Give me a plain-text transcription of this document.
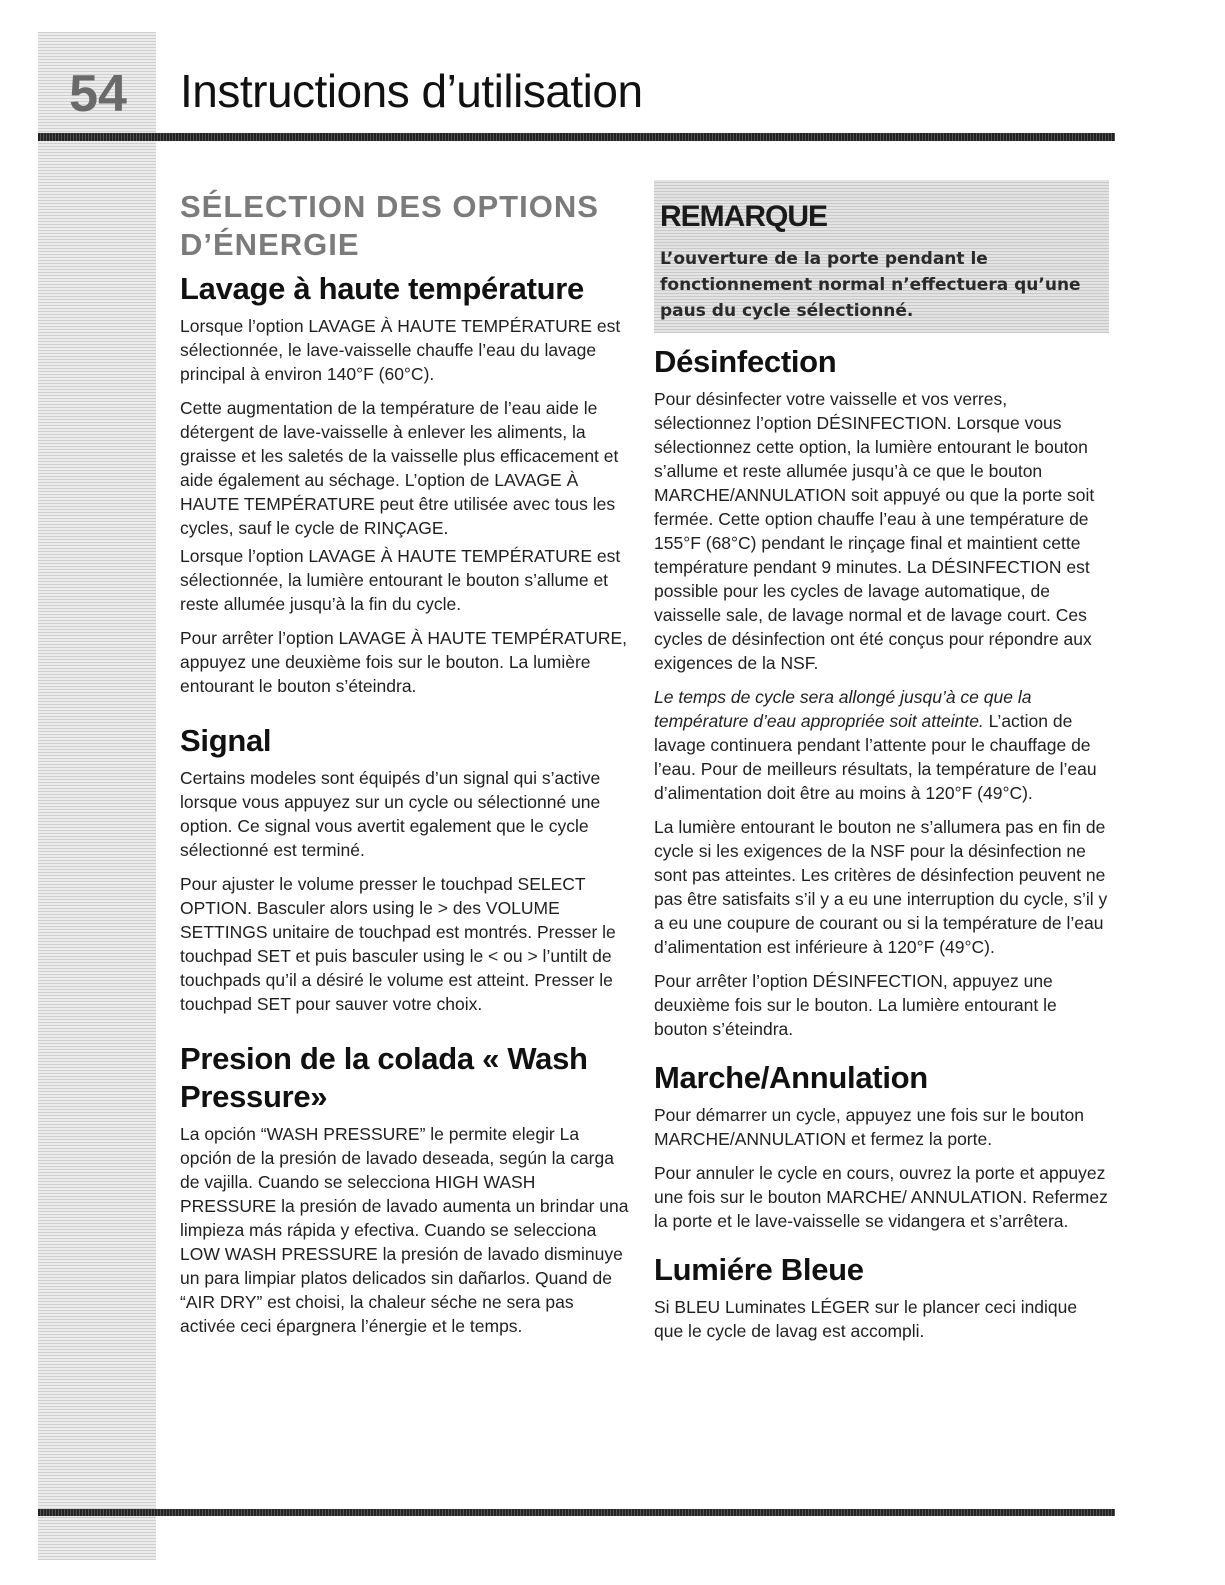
54	Instructions d’utilisation
SÉLECTION DES OPTIONS
D’ÉNERGIE
Lavage à haute température

Lorsque l’option LAVAGE À HAUTE TEMPÉRATURE est sélectionnée, le lave-vaisselle chauffe l’eau du lavage principal à environ 140°F (60°C).

Cette augmentation de la température de l’eau aide le détergent de lave-vaisselle à enlever les aliments, la graisse et les saletés de la vaisselle plus efficacement et aide également au séchage. L’option de LAVAGE À HAUTE TEMPÉRATURE peut être utilisée avec tous les cycles, sauf le cycle de RINÇAGE.

Lorsque l’option LAVAGE À HAUTE TEMPÉRATURE est sélectionnée, la lumière entourant le bouton s’allume et reste allumée jusqu’à la fin du cycle.

Pour arrêter l’option LAVAGE À HAUTE TEMPÉRATURE, appuyez une deuxième fois sur le bouton. La lumière entourant le bouton s’éteindra.

Signal

Certains modeles sont équipés d’un signal qui s’active lorsque vous appuyez sur un cycle ou sélectionné une option. Ce signal vous avertit egalement que le cycle sélectionné est terminé.

Pour ajuster le volume presser le touchpad SELECT OPTION. Basculer alors using le > des VOLUME SETTINGS unitaire de touchpad est montrés. Presser le touchpad SET et puis basculer using le < ou > l’untilt de touchpads qu’il a désiré le volume est atteint. Presser le touchpad SET pour sauver votre choix.

Presion de la colada « Wash Pressure»

La opción “WASH PRESSURE” le permite elegir La opción de la presión de lavado deseada, según la carga de vajilla. Cuando se selecciona HIGH WASH PRESSURE la presión de lavado aumenta un brindar una limpieza más rápida y efectiva. Cuando se selecciona LOW WASH PRESSURE la presión de lavado disminuye un para limpiar platos delicados sin dañarlos. Quand de “AIR DRY” est choisi, la chaleur séche ne sera pas activée ceci épargnera l’énergie et le temps.

REMARQUE
L’ouverture de la porte pendant le fonctionnement normal n’effectuera qu’une paus du cycle sélectionné.
Désinfection

Pour désinfecter votre vaisselle et vos verres, sélectionnez l’option DÉSINFECTION. Lorsque vous sélectionnez cette option, la lumière entourant le bouton s’allume et reste allumée jusqu’à ce que le bouton MARCHE/ANNULATION soit appuyé ou que la porte soit fermée. Cette option chauffe l’eau à une température de 155°F (68°C) pendant le rinçage final et maintient cette température pendant 9 minutes. La DÉSINFECTION est possible pour les cycles de lavage automatique, de vaisselle sale, de lavage normal et de lavage court. Ces cycles de désinfection ont été conçus pour répondre aux exigences de la NSF.

Le temps de cycle sera allongé jusqu’à ce que la température d’eau appropriée soit atteinte. L’action de lavage continuera pendant l’attente pour le chauffage de l’eau. Pour de meilleurs résultats, la température de l’eau d’alimentation doit être au moins à 120°F (49°C).

La lumière entourant le bouton ne s’allumera pas en fin de cycle si les exigences de la NSF pour la désinfection ne sont pas atteintes. Les critères de désinfection peuvent ne pas être satisfaits s’il y a eu une interruption du cycle, s’il y a eu une coupure de courant ou si la température de l’eau d’alimentation est inférieure à 120°F (49°C).

Pour arrêter l’option DÉSINFECTION, appuyez une deuxième fois sur le bouton. La lumière entourant le bouton s’éteindra.

Marche/Annulation

Pour démarrer un cycle, appuyez une fois sur le bouton MARCHE/ANNULATION et fermez la porte.

Pour annuler le cycle en cours, ouvrez la porte et appuyez une fois sur le bouton MARCHE/ ANNULATION. Refermez la porte et le lave-vaisselle se vidangera et s’arrêtera.

Lumiére Bleue

Si BLEU Luminates LÉGER sur le plancer ceci indique que le cycle de lavag est accompli.
